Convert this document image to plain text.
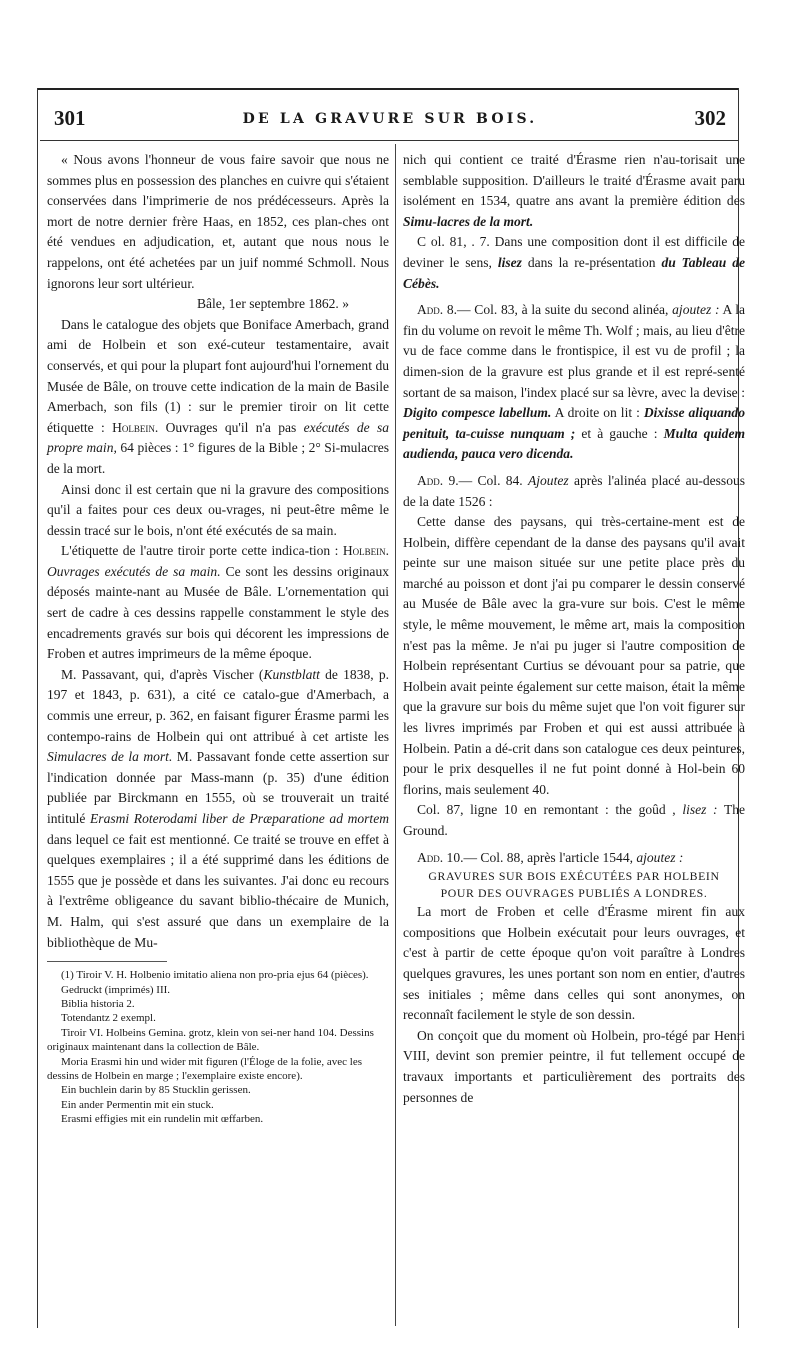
301	DE LA GRAVURE SUR BOIS.	302

« Nous avons l'honneur de vous faire savoir que nous ne sommes plus en possession des planches en cuivre qui s'étaient conservées dans l'imprimerie de nos prédécesseurs. Après la mort de notre dernier frère Haas, en 1852, ces plan-ches ont été vendues en adjudication, et, autant que nous nous le rappelons, ont été achetées par un juif nommé Schmoll. Nous ignorons leur sort ultérieur.

Bâle, 1er septembre 1862. »

Dans le catalogue des objets que Boniface Amerbach, grand ami de Holbein et son exé-cuteur testamentaire, avait conservés, et qui pour la plupart font aujourd'hui l'ornement du Musée de Bâle, on trouve cette indication de la main de Basile Amerbach, son fils (1) : sur le premier tiroir on lit cette étiquette : Holbein. Ouvrages qu'il n'a pas exécutés de sa propre main, 64 pièces : 1° figures de la Bible ; 2° Si-mulacres de la mort.

Ainsi donc il est certain que ni la gravure des compositions qu'il a faites pour ces deux ou-vrages, ni peut-être même le dessin tracé sur le bois, n'ont été exécutés de sa main.

L'étiquette de l'autre tiroir porte cette indica-tion : Holbein. Ouvrages exécutés de sa main. Ce sont les dessins originaux déposés mainte-nant au Musée de Bâle. L'ornementation qui sert de cadre à ces dessins rappelle constamment le style des encadrements gravés sur bois qui décorent les impressions de Froben et autres imprimeurs de la même époque.

M. Passavant, qui, d'après Vischer (Kunstblatt de 1838, p. 197 et 1843, p. 631), a cité ce catalo-gue d'Amerbach, a commis une erreur, p. 362, en faisant figurer Érasme parmi les contempo-rains de Holbein qui ont attribué à cet artiste les Simulacres de la mort. M. Passavant fonde cette assertion sur l'indication donnée par Mass-mann (p. 35) d'une édition publiée par Birckmann en 1555, où se trouverait un traité intitulé Erasmi Roterodami liber de Præparatione ad mortem dans lequel ce fait est mentionné. Ce traité se trouve en effet à quelques exemplaires ; il a été supprimé dans les éditions de 1555 que je possède et dans les suivantes. J'ai donc eu recours à l'extrême obligeance du savant biblio-thécaire de Munich, M. Halm, qui s'est assuré que dans un exemplaire de la bibliothèque de Mu-

(1) Tiroir V. H. Holbenio imitatio aliena non pro-pria ejus 64 (pièces).

Gedruckt (imprimés) III.

Biblia historia 2.

Totendantz 2 exempl.

Tiroir VI. Holbeins Gemina. grotz, klein von sei-ner hand 104. Dessins originaux maintenant dans la collection de Bâle.

Moria Erasmi hin und wider mit figuren (l'Éloge de la folie, avec les dessins de Holbein en marge ; l'exemplaire existe encore).

Ein buchlein darin by 85 Stucklin gerissen.

Ein ander Permentin mit ein stuck.

Erasmi effigies mit ein rundelin mit œffarben.

nich qui contient ce traité d'Érasme rien n'au-torisait une semblable supposition. D'ailleurs le traité d'Érasme avait paru isolément en 1534, quatre ans avant la première édition des Simu-lacres de la mort.

C ol. 81, . 7. Dans une composition dont il est difficile de deviner le sens, lisez dans la re-présentation du Tableau de Cébès.

Add. 8.— Col. 83, à la suite du second alinéa, ajoutez : A la fin du volume on revoit le même Th. Wolf ; mais, au lieu d'être vu de face comme dans le frontispice, il est vu de profil ; la dimen-sion de la gravure est plus grande et il est repré-senté sortant de sa maison, l'index placé sur sa lèvre, avec la devise : Digito compesce labellum. A droite on lit : Dixisse aliquando penituit, ta-cuisse nunquam ; et à gauche : Multa quidem audienda, pauca vero dicenda.

Add. 9.— Col. 84. Ajoutez après l'alinéa placé au-dessous de la date 1526 :

Cette danse des paysans, qui très-certaine-ment est de Holbein, diffère cependant de la danse des paysans qu'il avait peinte sur une maison située sur une petite place près du marché au poisson et dont j'ai pu comparer le dessin conservé au Musée de Bâle avec la gra-vure sur bois. C'est le même style, le même mouvement, le même art, mais la composition n'est pas la même. Je n'ai pu juger si l'autre composition de Holbein représentant Curtius se dévouant pour sa patrie, que Holbein avait peinte également sur cette maison, était la même que la gravure sur bois du même sujet que l'on voit figurer sur les livres imprimés par Froben et qui est aussi attribuée à Holbein. Patin a dé-crit dans son catalogue ces deux peintures, pour le prix desquelles il ne fut point donné à Hol-bein 60 florins, mais seulement 40.

Col. 87, ligne 10 en remontant : the goûd , lisez : The Ground.

Add. 10.— Col. 88, après l'article 1544, ajoutez :

GRAVURES SUR BOIS EXÉCUTÉES PAR HOLBEIN
POUR DES OUVRAGES PUBLIÉS A LONDRES.

La mort de Froben et celle d'Érasme mirent fin aux compositions que Holbein exécutait pour leurs ouvrages, et c'est à partir de cette époque qu'on voit paraître à Londres quelques gravures, les unes portant son nom en entier, d'autres ses initiales ; même dans celles qui sont anonymes, on reconnaît facilement le style de son dessin.

On conçoit que du moment où Holbein, pro-tégé par Henri VIII, devint son premier peintre, il fut tellement occupé de travaux importants et particulièrement des portraits des personnes de
